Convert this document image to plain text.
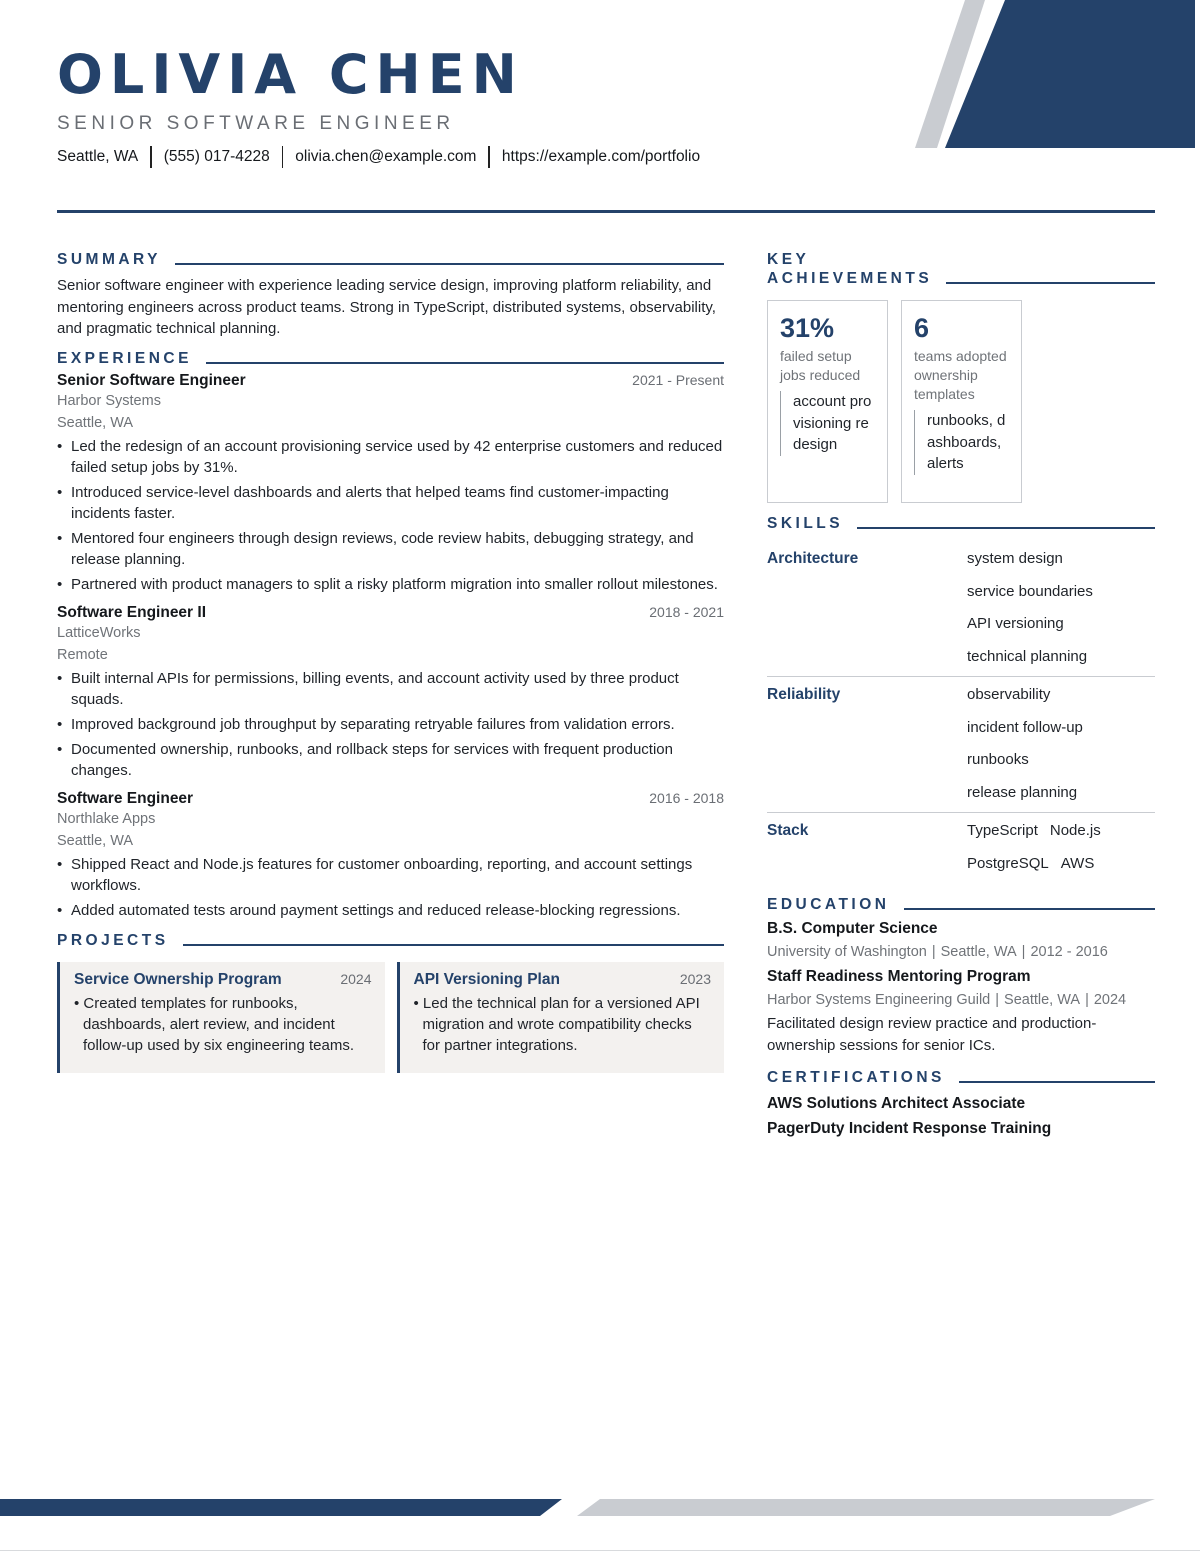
OLIVIA CHEN
SENIOR SOFTWARE ENGINEER
Seattle, WA (555) 017-4228 olivia.chen@example.com https://example.com/portfolio
SUMMARY
Senior software engineer with experience leading service design, improving platform reliability, and mentoring engineers across product teams. Strong in TypeScript, distributed systems, observability, and pragmatic technical planning.
EXPERIENCE
Senior Software Engineer	2021 - Present
Harbor Systems
Seattle, WA
• Led the redesign of an account provisioning service used by 42 enterprise customers and reduced failed setup jobs by 31%.
• Introduced service-level dashboards and alerts that helped teams find customer-impacting incidents faster.
• Mentored four engineers through design reviews, code review habits, debugging strategy, and release planning.
• Partnered with product managers to split a risky platform migration into smaller rollout milestones.
Software Engineer II	2018 - 2021
LatticeWorks
Remote
• Built internal APIs for permissions, billing events, and account activity used by three product squads.
• Improved background job throughput by separating retryable failures from validation errors.
• Documented ownership, runbooks, and rollback steps for services with frequent production changes.
Software Engineer	2016 - 2018
Northlake Apps
Seattle, WA
• Shipped React and Node.js features for customer onboarding, reporting, and account settings workflows.
• Added automated tests around payment settings and reduced release-blocking regressions.
PROJECTS
Service Ownership Program	2024
• Created templates for runbooks, dashboards, alert review, and incident follow-up used by six engineering teams.
API Versioning Plan	2023
• Led the technical plan for a versioned API migration and wrote compatibility checks for partner integrations.
KEY
ACHIEVEMENTS
31%
failed setup jobs reduced
account provisioning redesign
6
teams adopted ownership templates
runbooks, dashboards, alerts
SKILLS
Architecture	system design
service boundaries
API versioning
technical planning
Reliability	observability
incident follow-up
runbooks
release planning
Stack	TypeScript Node.js
PostgreSQL AWS
EDUCATION
B.S. Computer Science
University of Washington | Seattle, WA | 2012 - 2016
Staff Readiness Mentoring Program
Harbor Systems Engineering Guild | Seattle, WA | 2024
Facilitated design review practice and production-ownership sessions for senior ICs.
CERTIFICATIONS
AWS Solutions Architect Associate
PagerDuty Incident Response Training
